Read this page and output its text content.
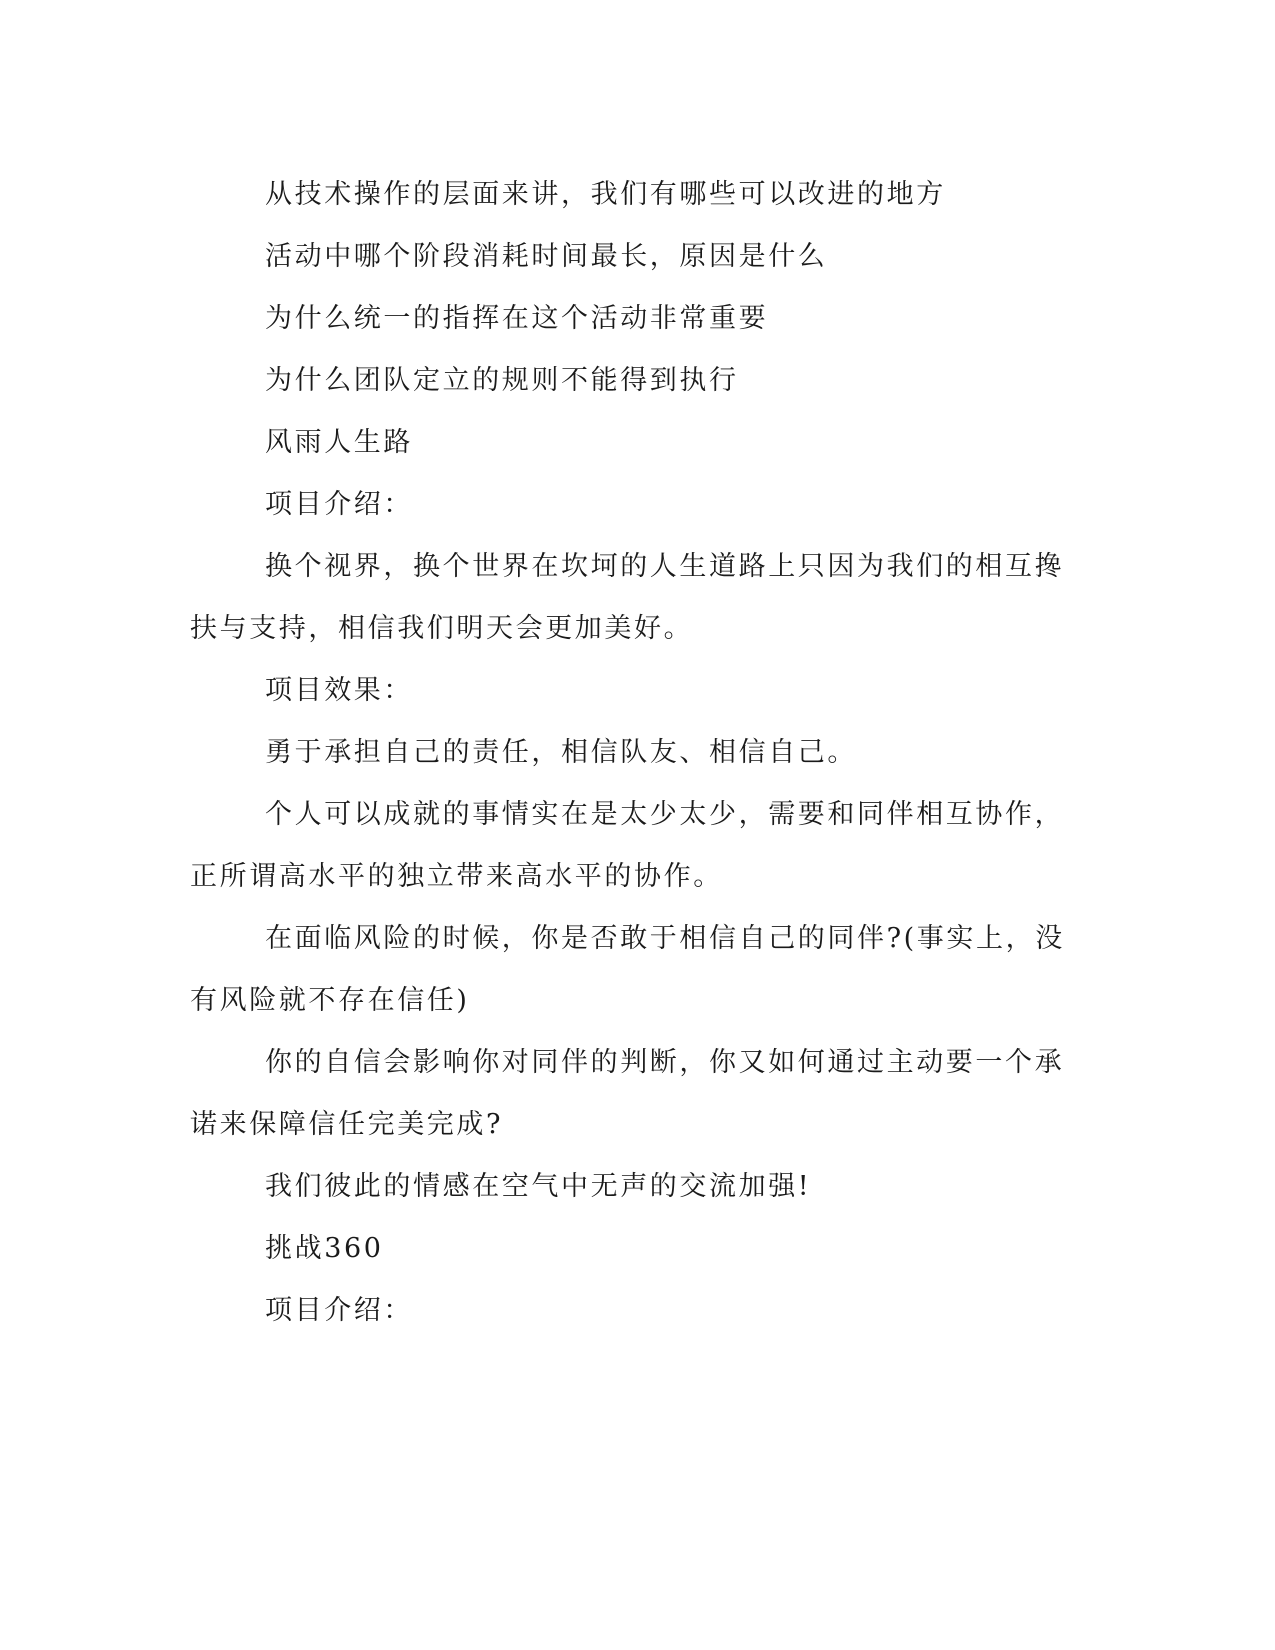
从技术操作的层面来讲，我们有哪些可以改进的地方

活动中哪个阶段消耗时间最长，原因是什么

为什么统一的指挥在这个活动非常重要

为什么团队定立的规则不能得到执行

风雨人生路

项目介绍：

换个视界，换个世界在坎坷的人生道路上只因为我们的相互搀扶与支持，相信我们明天会更加美好。

项目效果：

勇于承担自己的责任，相信队友、相信自己。

个人可以成就的事情实在是太少太少，需要和同伴相互协作，正所谓高水平的独立带来高水平的协作。

在面临风险的时候，你是否敢于相信自己的同伴?(事实上，没有风险就不存在信任)

你的自信会影响你对同伴的判断，你又如何通过主动要一个承诺来保障信任完美完成?

我们彼此的情感在空气中无声的交流加强!

挑战360

项目介绍：
